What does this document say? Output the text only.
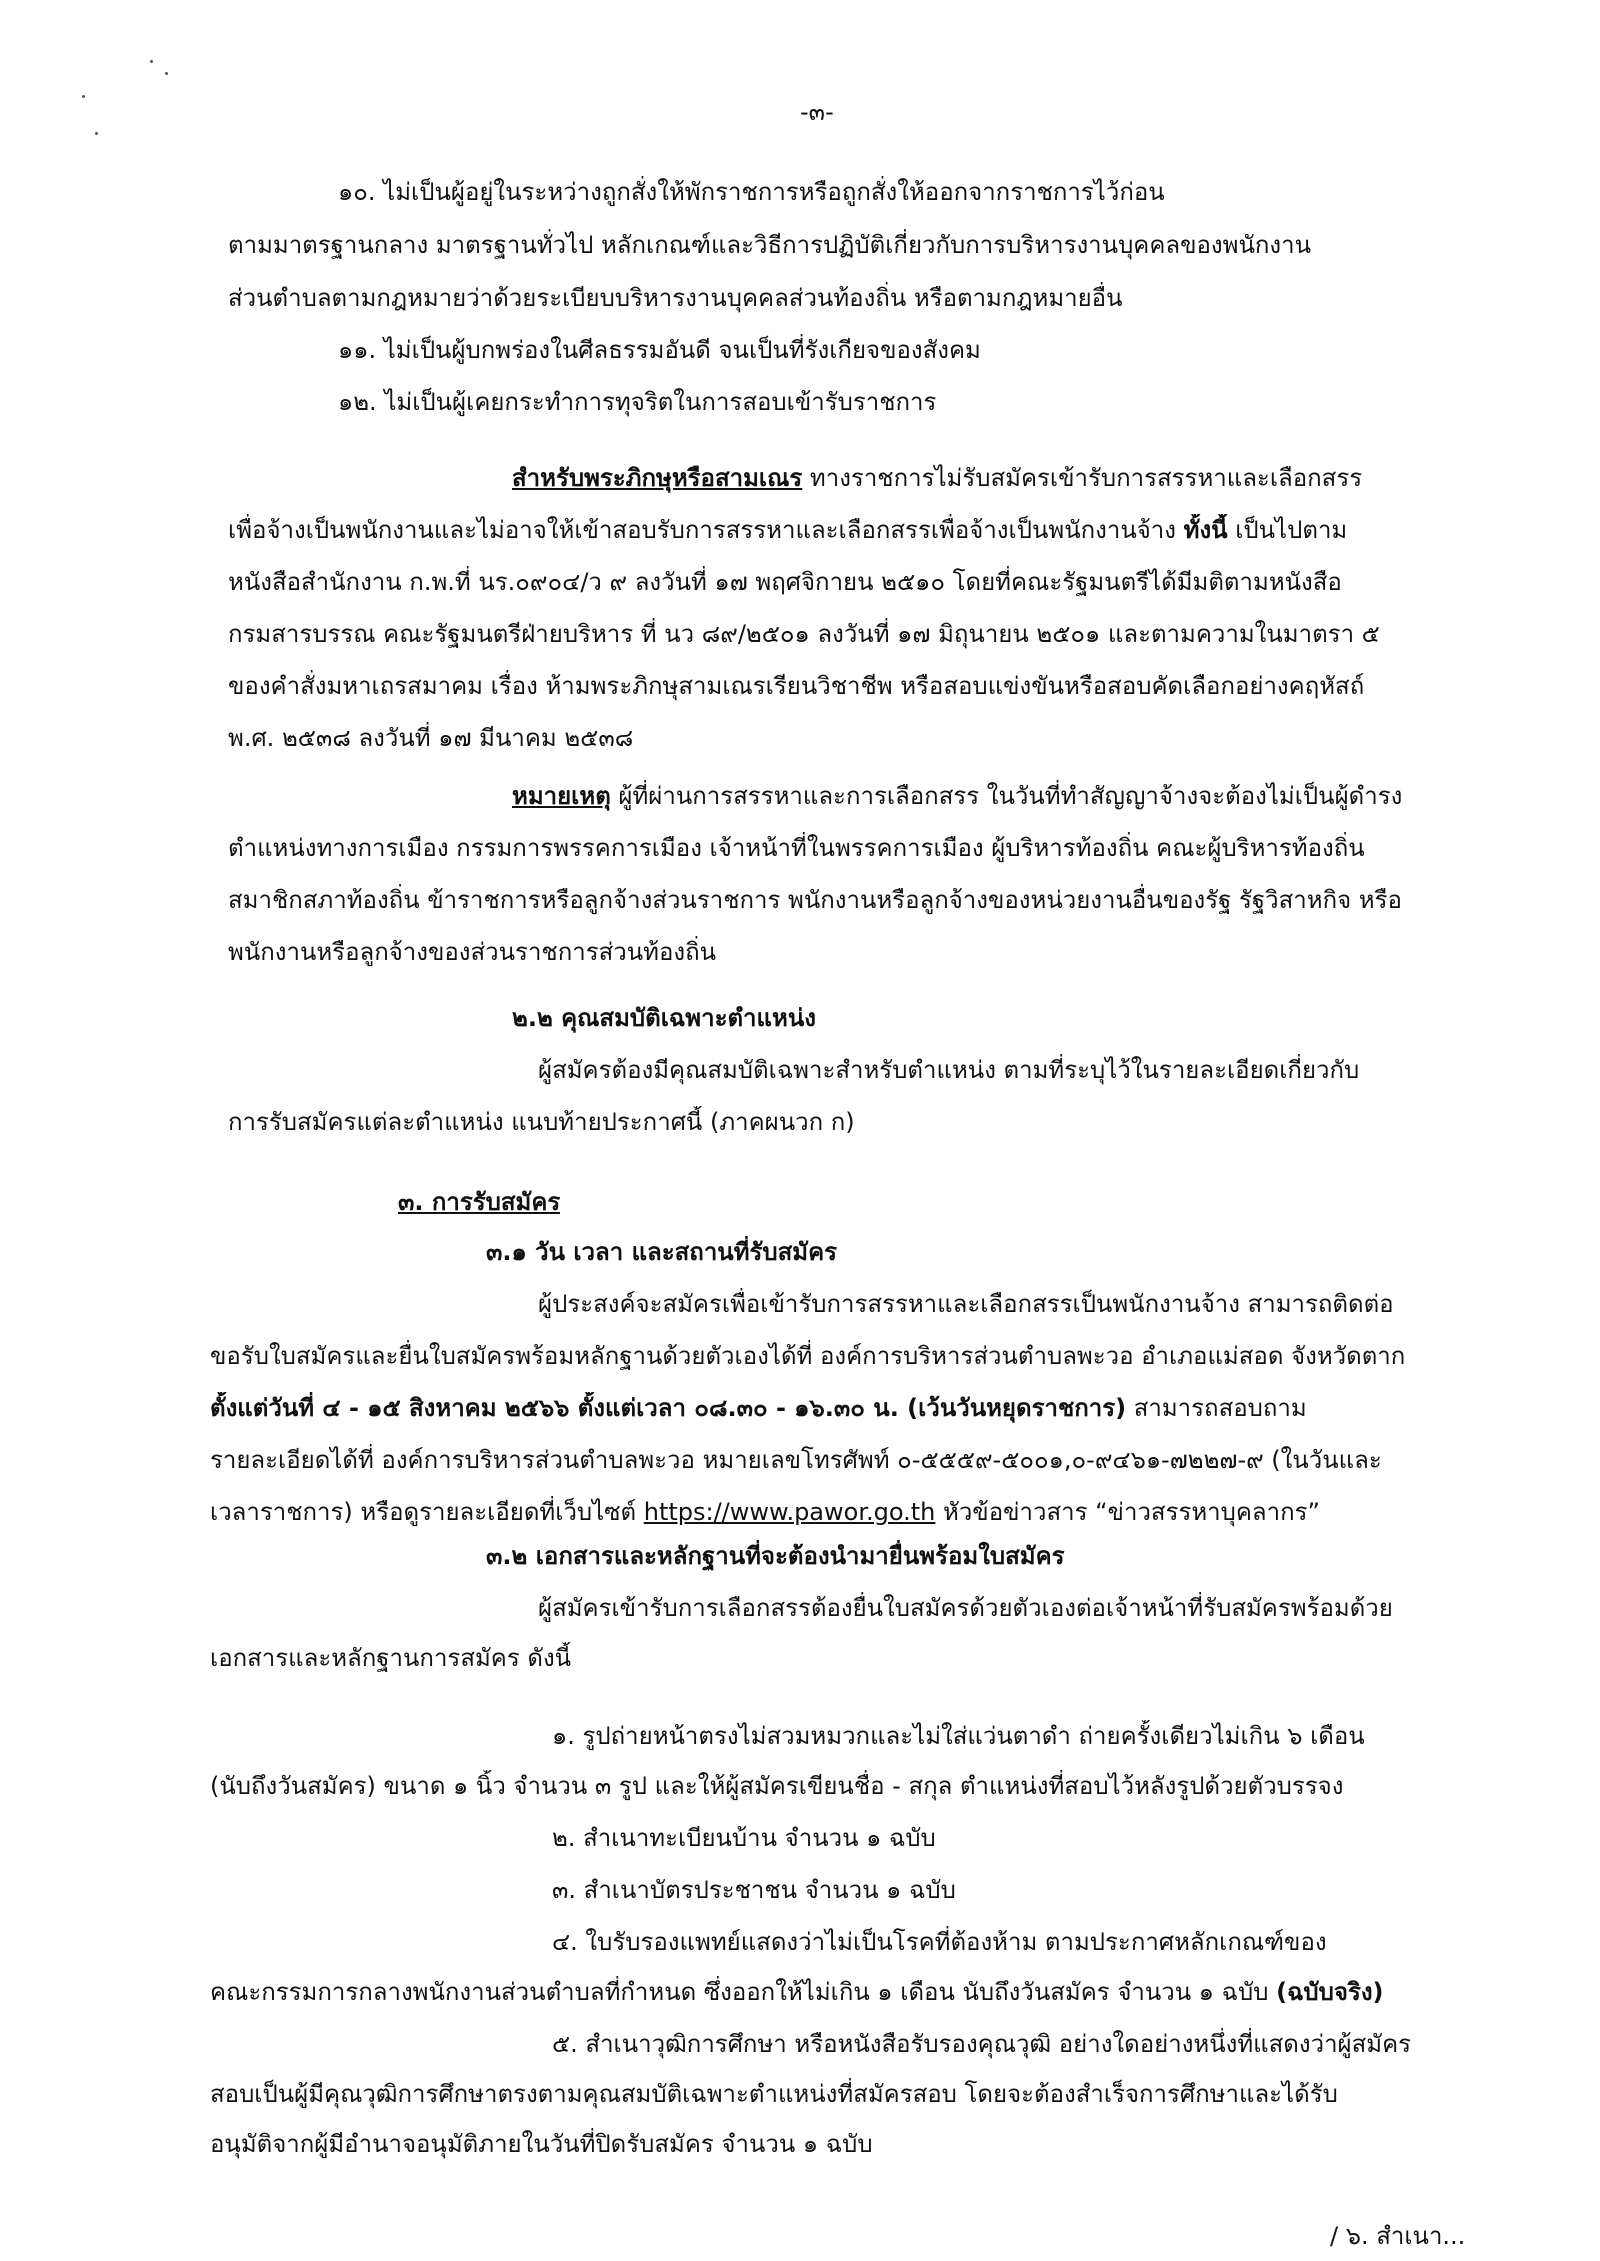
-๓-
๑๐. ไม่เป็นผู้อยู่ในระหว่างถูกสั่งให้พักราชการหรือถูกสั่งให้ออกจากราชการไว้ก่อน
ตามมาตรฐานกลาง มาตรฐานทั่วไป หลักเกณฑ์และวิธีการปฏิบัติเกี่ยวกับการบริหารงานบุคคลของพนักงาน
ส่วนตำบลตามกฎหมายว่าด้วยระเบียบบริหารงานบุคคลส่วนท้องถิ่น หรือตามกฎหมายอื่น
๑๑. ไม่เป็นผู้บกพร่องในศีลธรรมอันดี จนเป็นที่รังเกียจของสังคม
๑๒. ไม่เป็นผู้เคยกระทำการทุจริตในการสอบเข้ารับราชการ
สำหรับพระภิกษุหรือสามเณร ทางราชการไม่รับสมัครเข้ารับการสรรหาและเลือกสรร
เพื่อจ้างเป็นพนักงานและไม่อาจให้เข้าสอบรับการสรรหาและเลือกสรรเพื่อจ้างเป็นพนักงานจ้าง ทั้งนี้ เป็นไปตาม
หนังสือสำนักงาน ก.พ.ที่ นร.๐๙๐๔/ว ๙ ลงวันที่ ๑๗ พฤศจิกายน ๒๕๑๐ โดยที่คณะรัฐมนตรีได้มีมติตามหนังสือ
กรมสารบรรณ คณะรัฐมนตรีฝ่ายบริหาร ที่ นว ๘๙/๒๕๐๑ ลงวันที่ ๑๗ มิถุนายน ๒๕๐๑ และตามความในมาตรา ๕
ของคำสั่งมหาเถรสมาคม เรื่อง ห้ามพระภิกษุสามเณรเรียนวิชาชีพ หรือสอบแข่งขันหรือสอบคัดเลือกอย่างคฤหัสถ์
พ.ศ. ๒๕๓๘ ลงวันที่ ๑๗ มีนาคม ๒๕๓๘
หมายเหตุ ผู้ที่ผ่านการสรรหาและการเลือกสรร ในวันที่ทำสัญญาจ้างจะต้องไม่เป็นผู้ดำรง
ตำแหน่งทางการเมือง กรรมการพรรคการเมือง เจ้าหน้าที่ในพรรคการเมือง ผู้บริหารท้องถิ่น คณะผู้บริหารท้องถิ่น
สมาชิกสภาท้องถิ่น ข้าราชการหรือลูกจ้างส่วนราชการ พนักงานหรือลูกจ้างของหน่วยงานอื่นของรัฐ รัฐวิสาหกิจ หรือ
พนักงานหรือลูกจ้างของส่วนราชการส่วนท้องถิ่น
๒.๒ คุณสมบัติเฉพาะตำแหน่ง
ผู้สมัครต้องมีคุณสมบัติเฉพาะสำหรับตำแหน่ง ตามที่ระบุไว้ในรายละเอียดเกี่ยวกับ
การรับสมัครแต่ละตำแหน่ง แนบท้ายประกาศนี้ (ภาคผนวก ก)
๓. การรับสมัคร
๓.๑ วัน เวลา และสถานที่รับสมัคร
ผู้ประสงค์จะสมัครเพื่อเข้ารับการสรรหาและเลือกสรรเป็นพนักงานจ้าง สามารถติดต่อ
ขอรับใบสมัครและยื่นใบสมัครพร้อมหลักฐานด้วยตัวเองได้ที่ องค์การบริหารส่วนตำบลพะวอ อำเภอแม่สอด จังหวัดตาก
ตั้งแต่วันที่ ๔ - ๑๕ สิงหาคม ๒๕๖๖ ตั้งแต่เวลา ๐๘.๓๐ - ๑๖.๓๐ น. (เว้นวันหยุดราชการ) สามารถสอบถาม
รายละเอียดได้ที่ องค์การบริหารส่วนตำบลพะวอ หมายเลขโทรศัพท์ ๐-๕๕๕๙-๕๐๐๑,๐-๙๔๖๑-๗๒๒๗-๙ (ในวันและ
เวลาราชการ) หรือดูรายละเอียดที่เว็บไซต์ https://www.pawor.go.th หัวข้อข่าวสาร “ข่าวสรรหาบุคลากร”
๓.๒ เอกสารและหลักฐานที่จะต้องนำมายื่นพร้อมใบสมัคร
ผู้สมัครเข้ารับการเลือกสรรต้องยื่นใบสมัครด้วยตัวเองต่อเจ้าหน้าที่รับสมัครพร้อมด้วย
เอกสารและหลักฐานการสมัคร ดังนี้
๑. รูปถ่ายหน้าตรงไม่สวมหมวกและไม่ใส่แว่นตาดำ ถ่ายครั้งเดียวไม่เกิน ๖ เดือน
(นับถึงวันสมัคร) ขนาด ๑ นิ้ว จำนวน ๓ รูป และให้ผู้สมัครเขียนชื่อ - สกุล ตำแหน่งที่สอบไว้หลังรูปด้วยตัวบรรจง
๒. สำเนาทะเบียนบ้าน จำนวน ๑ ฉบับ
๓. สำเนาบัตรประชาชน จำนวน ๑ ฉบับ
๔. ใบรับรองแพทย์แสดงว่าไม่เป็นโรคที่ต้องห้าม ตามประกาศหลักเกณฑ์ของ
คณะกรรมการกลางพนักงานส่วนตำบลที่กำหนด ซึ่งออกให้ไม่เกิน ๑ เดือน นับถึงวันสมัคร จำนวน ๑ ฉบับ (ฉบับจริง)
๕. สำเนาวุฒิการศึกษา หรือหนังสือรับรองคุณวุฒิ อย่างใดอย่างหนึ่งที่แสดงว่าผู้สมัคร
สอบเป็นผู้มีคุณวุฒิการศึกษาตรงตามคุณสมบัติเฉพาะตำแหน่งที่สมัครสอบ โดยจะต้องสำเร็จการศึกษาและได้รับ
อนุมัติจากผู้มีอำนาจอนุมัติภายในวันที่ปิดรับสมัคร จำนวน ๑ ฉบับ
/ ๖. สำเนา...
